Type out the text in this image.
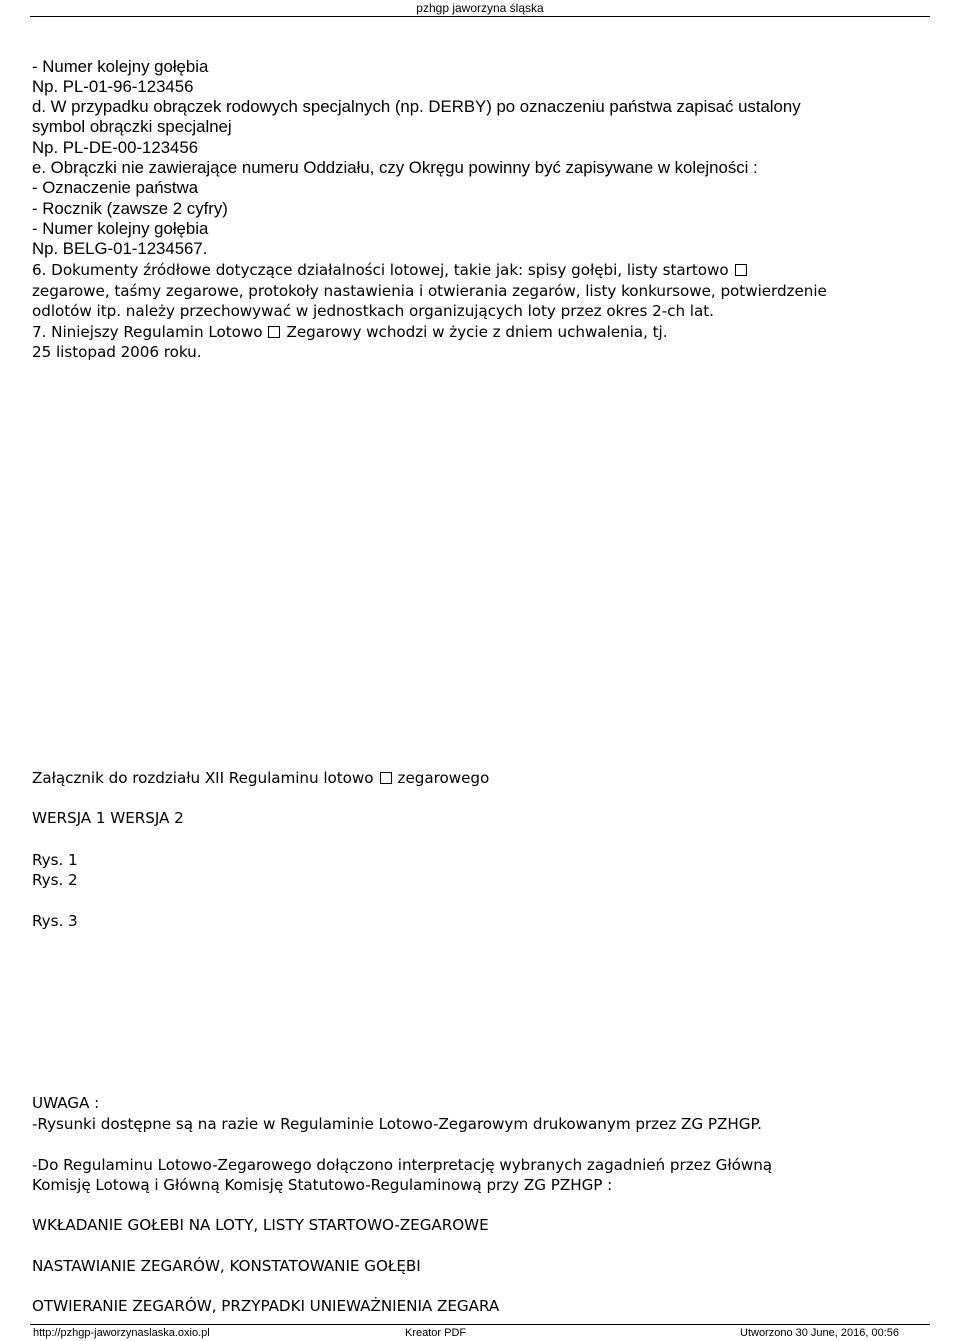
pzhgp jaworzyna śląska
- Numer kolejny gołębia
Np. PL-01-96-123456
d. W przypadku obrączek rodowych specjalnych (np. DERBY) po oznaczeniu państwa zapisać ustalony
symbol obrączki specjalnej
Np. PL-DE-00-123456
e. Obrączki nie zawierające numeru Oddziału, czy Okręgu powinny być zapisywane w kolejności :
- Oznaczenie państwa
- Rocznik (zawsze 2 cyfry)
- Numer kolejny gołębia
Np. BELG-01-1234567.
6. Dokumenty źródłowe dotyczące działalności lotowej, takie jak: spisy gołębi, listy startowo
zegarowe, taśmy zegarowe, protokoły nastawienia i otwierania zegarów, listy konkursowe, potwierdzenie
odlotów itp. należy przechowywać w jednostkach organizujących loty przez okres 2-ch lat.
7. Niniejszy Regulamin Lotowo Zegarowy wchodzi w życie z dniem uchwalenia, tj.
25 listopad 2006 roku.
Załącznik do rozdziału XII Regulaminu lotowo zegarowego
WERSJA 1 WERSJA 2
Rys. 1
Rys. 2
Rys. 3
UWAGA :
-Rysunki dostępne są na razie w Regulaminie Lotowo-Zegarowym drukowanym przez ZG PZHGP.
-Do Regulaminu Lotowo-Zegarowego dołączono interpretację wybranych zagadnień przez Główną
Komisję Lotową i Główną Komisję Statutowo-Regulaminową przy ZG PZHGP :
WKŁADANIE GOŁEBI NA LOTY, LISTY STARTOWO-ZEGAROWE
NASTAWIANIE ZEGARÓW, KONSTATOWANIE GOŁĘBI
OTWIERANIE ZEGARÓW, PRZYPADKI UNIEWAŻNIENIA ZEGARA
http://pzhgp-jaworzynaslaska.oxio.pl	Kreator PDF	Utworzono 30 June, 2016, 00:56
